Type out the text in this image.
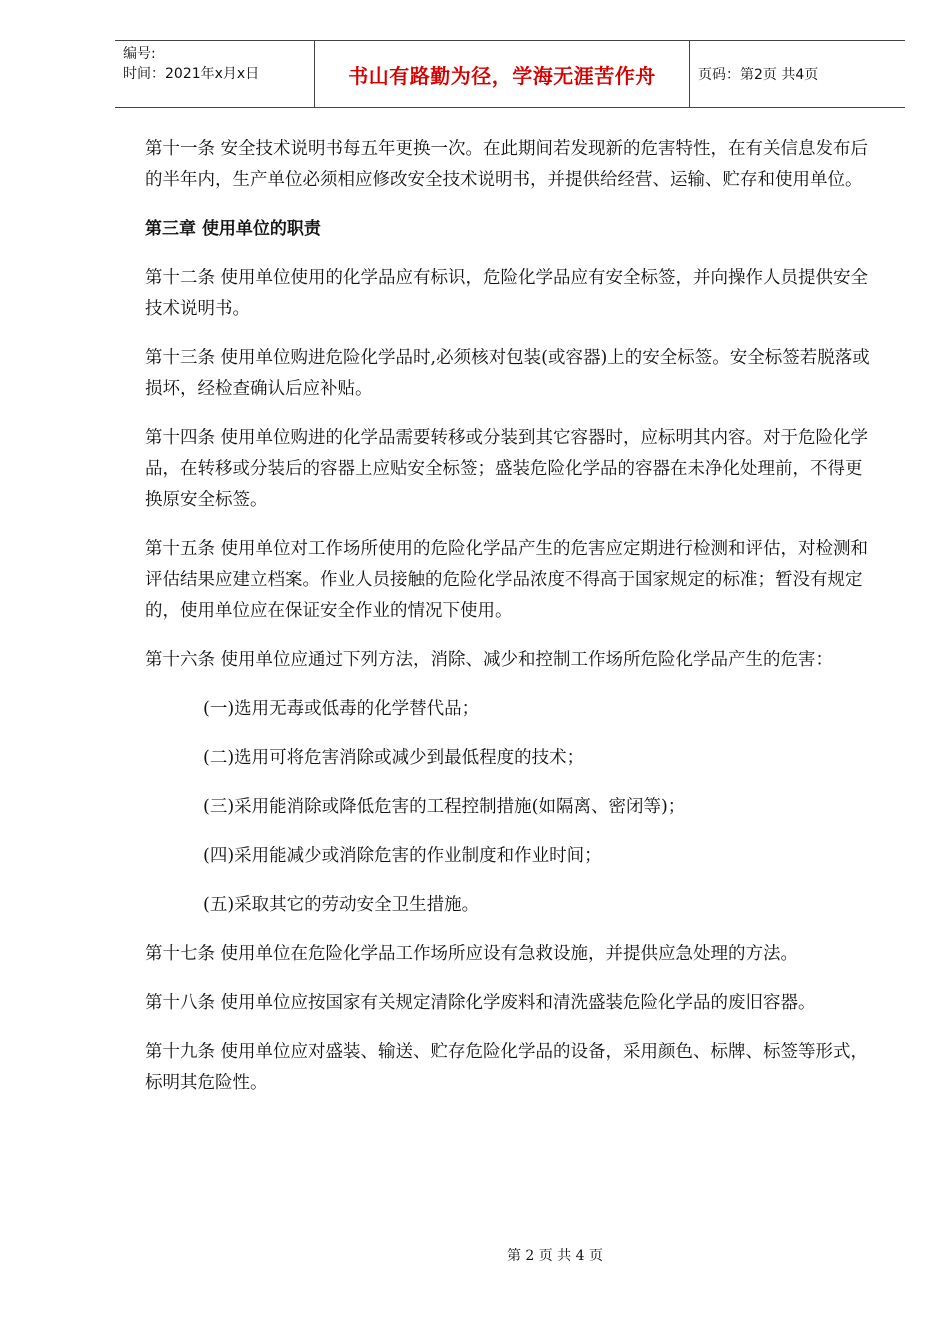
编号:
时间：2021年x月x日	书山有路勤为径，学海无涯苦作舟	页码：第2页 共4页

第十一条 安全技术说明书每五年更换一次。在此期间若发现新的危害特性，在有关信息发布后的半年内，生产单位必须相应修改安全技术说明书，并提供给经营、运输、贮存和使用单位。

第三章 使用单位的职责

第十二条 使用单位使用的化学品应有标识，危险化学品应有安全标签，并向操作人员提供安全技术说明书。

第十三条 使用单位购进危险化学品时,必须核对包装(或容器)上的安全标签。安全标签若脱落或损坏，经检查确认后应补贴。

第十四条 使用单位购进的化学品需要转移或分装到其它容器时，应标明其内容。对于危险化学品，在转移或分装后的容器上应贴安全标签；盛装危险化学品的容器在未净化处理前，不得更换原安全标签。

第十五条 使用单位对工作场所使用的危险化学品产生的危害应定期进行检测和评估，对检测和评估结果应建立档案。作业人员接触的危险化学品浓度不得高于国家规定的标准；暂没有规定的，使用单位应在保证安全作业的情况下使用。

第十六条 使用单位应通过下列方法，消除、减少和控制工作场所危险化学品产生的危害：

(一)选用无毒或低毒的化学替代品；

(二)选用可将危害消除或减少到最低程度的技术；

(三)采用能消除或降低危害的工程控制措施(如隔离、密闭等)；

(四)采用能减少或消除危害的作业制度和作业时间；

(五)采取其它的劳动安全卫生措施。

第十七条 使用单位在危险化学品工作场所应设有急救设施，并提供应急处理的方法。

第十八条 使用单位应按国家有关规定清除化学废料和清洗盛装危险化学品的废旧容器。

第十九条 使用单位应对盛装、输送、贮存危险化学品的设备，采用颜色、标牌、标签等形式，标明其危险性。

第 2 页 共 4 页
